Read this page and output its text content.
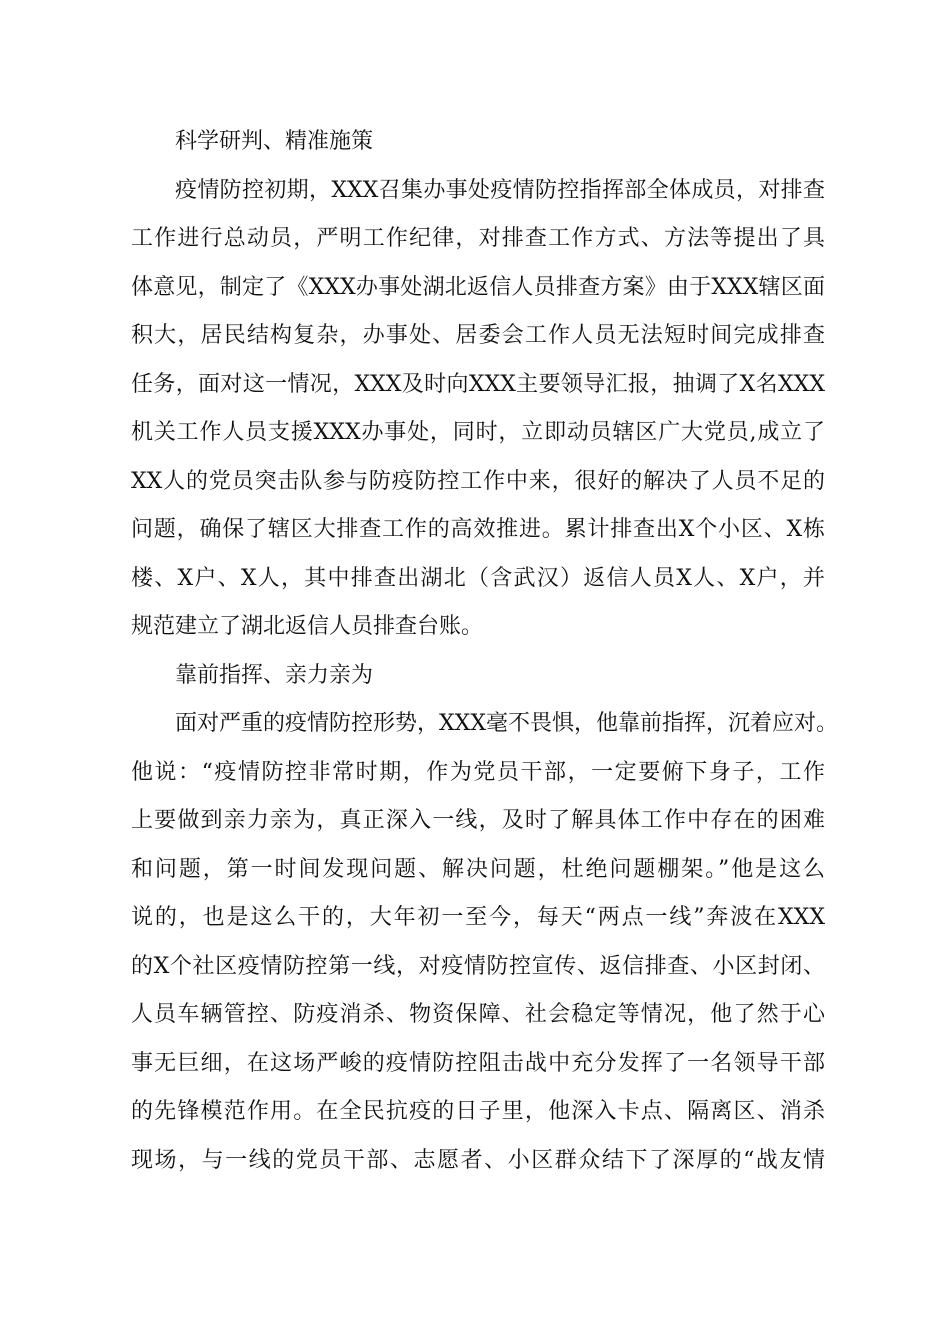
科学研判、精准施策
疫情防控初期，XXX召集办事处疫情防控指挥部全体成员，对排查
工作进行总动员，严明工作纪律，对排查工作方式、方法等提出了具
体意见，制定了《XXX办事处湖北返信人员排查方案》由于XXX辖区面
积大，居民结构复杂，办事处、居委会工作人员无法短时间完成排查
任务，面对这一情况，XXX及时向XXX主要领导汇报，抽调了X名XXX
机关工作人员支援XXX办事处，同时，立即动员辖区广大党员,成立了
XX人的党员突击队参与防疫防控工作中来，很好的解决了人员不足的
问题，确保了辖区大排查工作的高效推进。累计排查出X个小区、X栋
楼、X户、X人，其中排查出湖北（含武汉）返信人员X人、X户，并
规范建立了湖北返信人员排查台账。
靠前指挥、亲力亲为
面对严重的疫情防控形势，XXX毫不畏惧，他靠前指挥，沉着应对。
他说：“疫情防控非常时期，作为党员干部，一定要俯下身子，工作
上要做到亲力亲为，真正深入一线，及时了解具体工作中存在的困难
和问题，第一时间发现问题、解决问题，杜绝问题棚架。”他是这么
说的，也是这么干的，大年初一至今，每天“两点一线”奔波在XXX
的X个社区疫情防控第一线，对疫情防控宣传、返信排查、小区封闭、
人员车辆管控、防疫消杀、物资保障、社会稳定等情况，他了然于心
事无巨细，在这场严峻的疫情防控阻击战中充分发挥了一名领导干部
的先锋模范作用。在全民抗疫的日子里，他深入卡点、隔离区、消杀
现场，与一线的党员干部、志愿者、小区群众结下了深厚的“战友情
